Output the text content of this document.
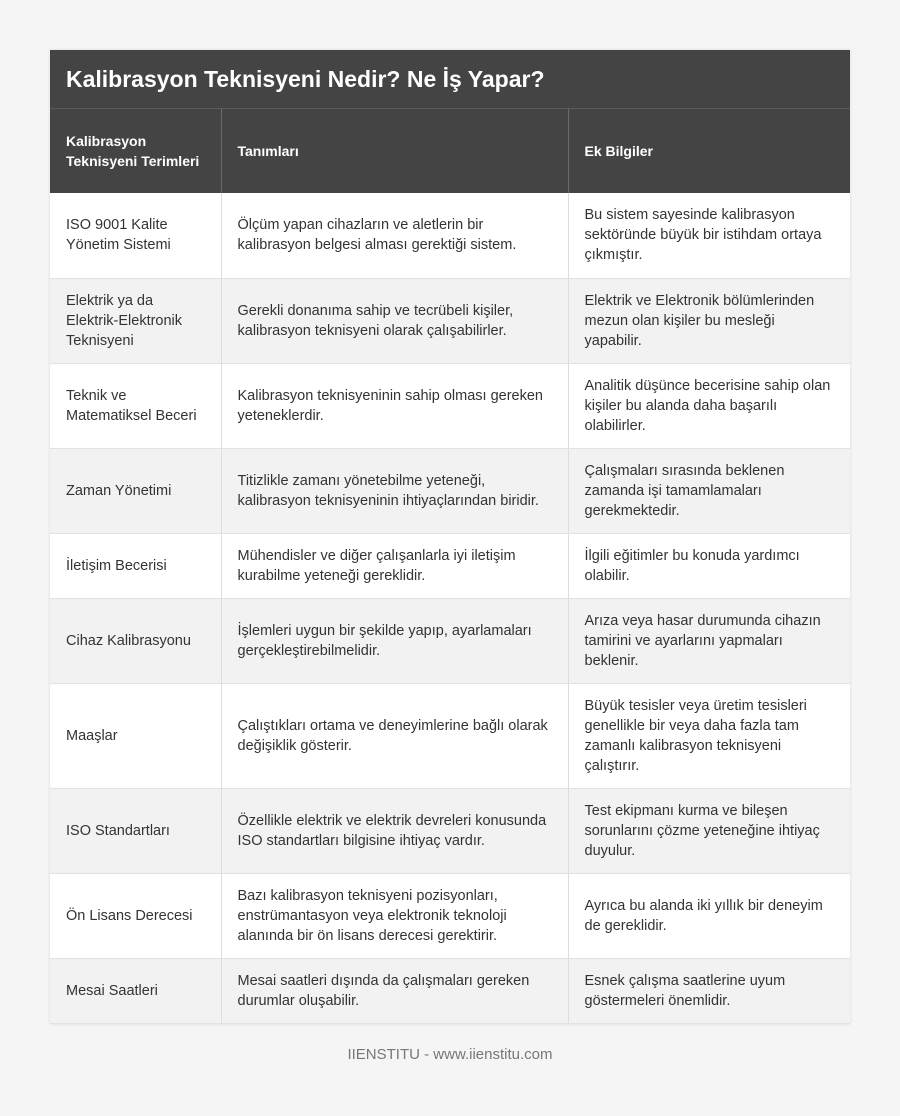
Kalibrasyon Teknisyeni Nedir? Ne İş Yapar?
Kalibrasyon Teknisyeni Terimleri	Tanımları	Ek Bilgiler
ISO 9001 Kalite Yönetim Sistemi	Ölçüm yapan cihazların ve aletlerin bir kalibrasyon belgesi alması gerektiği sistem.	Bu sistem sayesinde kalibrasyon sektöründe büyük bir istihdam ortaya çıkmıştır.
Elektrik ya da Elektrik-Elektronik Teknisyeni	Gerekli donanıma sahip ve tecrübeli kişiler, kalibrasyon teknisyeni olarak çalışabilirler.	Elektrik ve Elektronik bölümlerinden mezun olan kişiler bu mesleği yapabilir.
Teknik ve Matematiksel Beceri	Kalibrasyon teknisyeninin sahip olması gereken yeteneklerdir.	Analitik düşünce becerisine sahip olan kişiler bu alanda daha başarılı olabilirler.
Zaman Yönetimi	Titizlikle zamanı yönetebilme yeteneği, kalibrasyon teknisyeninin ihtiyaçlarından biridir.	Çalışmaları sırasında beklenen zamanda işi tamamlamaları gerekmektedir.
İletişim Becerisi	Mühendisler ve diğer çalışanlarla iyi iletişim kurabilme yeteneği gereklidir.	İlgili eğitimler bu konuda yardımcı olabilir.
Cihaz Kalibrasyonu	İşlemleri uygun bir şekilde yapıp, ayarlamaları gerçekleştirebilmelidir.	Arıza veya hasar durumunda cihazın tamirini ve ayarlarını yapmaları beklenir.
Maaşlar	Çalıştıkları ortama ve deneyimlerine bağlı olarak değişiklik gösterir.	Büyük tesisler veya üretim tesisleri genellikle bir veya daha fazla tam zamanlı kalibrasyon teknisyeni çalıştırır.
ISO Standartları	Özellikle elektrik ve elektrik devreleri konusunda ISO standartları bilgisine ihtiyaç vardır.	Test ekipmanı kurma ve bileşen sorunlarını çözme yeteneğine ihtiyaç duyulur.
Ön Lisans Derecesi	Bazı kalibrasyon teknisyeni pozisyonları, enstrümantasyon veya elektronik teknoloji alanında bir ön lisans derecesi gerektirir.	Ayrıca bu alanda iki yıllık bir deneyim de gereklidir.
Mesai Saatleri	Mesai saatleri dışında da çalışmaları gereken durumlar oluşabilir.	Esnek çalışma saatlerine uyum göstermeleri önemlidir.
IIENSTITU - www.iienstitu.com
